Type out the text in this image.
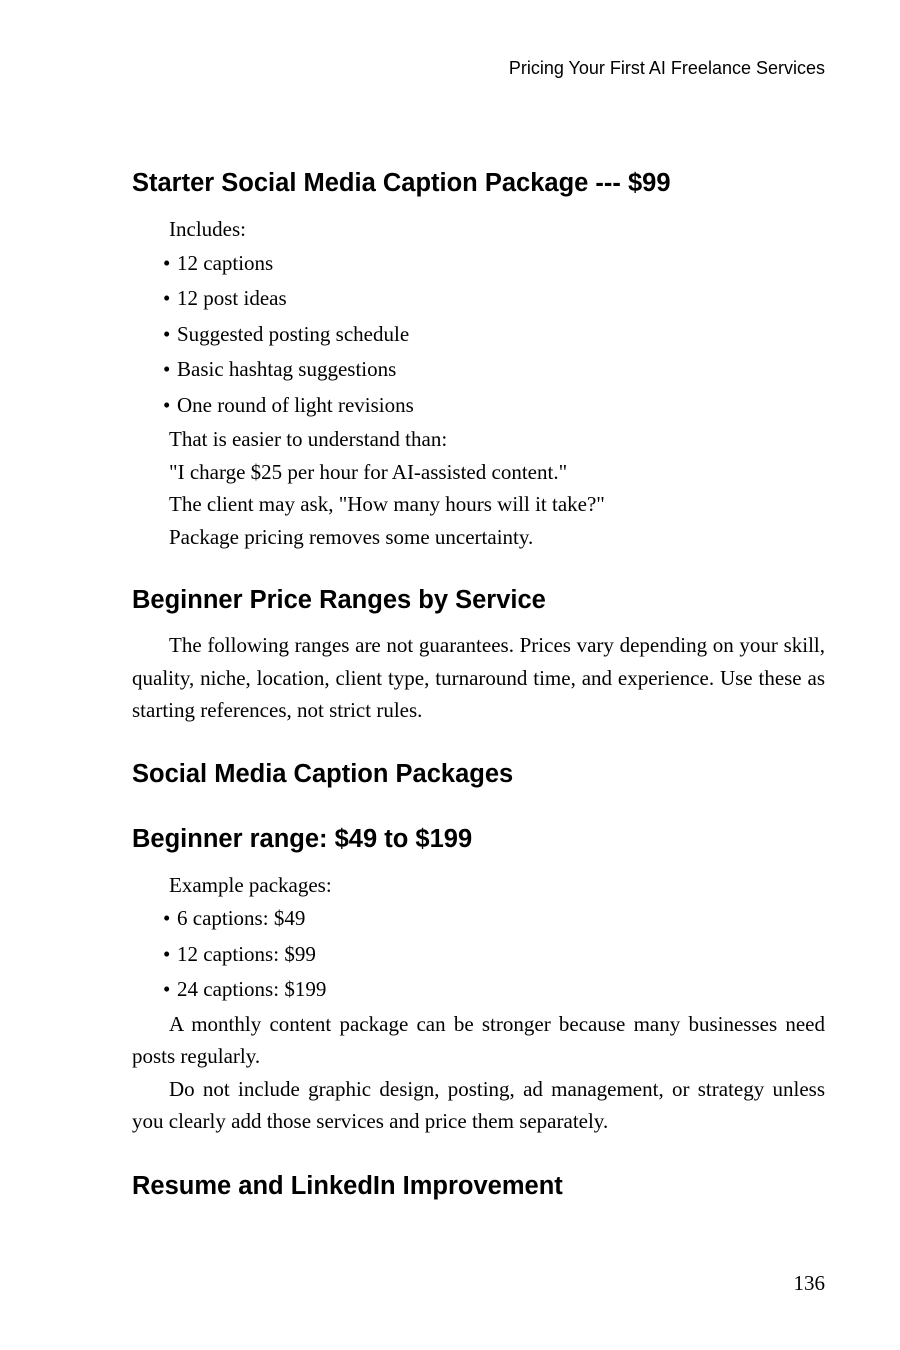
Pricing Your First AI Freelance Services
Starter Social Media Caption Package --- $99
Includes:
• 12 captions
• 12 post ideas
• Suggested posting schedule
• Basic hashtag suggestions
• One round of light revisions
That is easier to understand than:
"I charge $25 per hour for AI-assisted content."
The client may ask, "How many hours will it take?"
Package pricing removes some uncertainty.
Beginner Price Ranges by Service

The following ranges are not guarantees. Prices vary depending on your skill, quality, niche, location, client type, turnaround time, and experience. Use these as starting references, not strict rules.

Social Media Caption Packages
Beginner range: $49 to $199
Example packages:
• 6 captions: $49
• 12 captions: $99
• 24 captions: $199

A monthly content package can be stronger because many businesses need posts regularly.

Do not include graphic design, posting, ad management, or strategy unless you clearly add those services and price them separately.

Resume and LinkedIn Improvement
136
